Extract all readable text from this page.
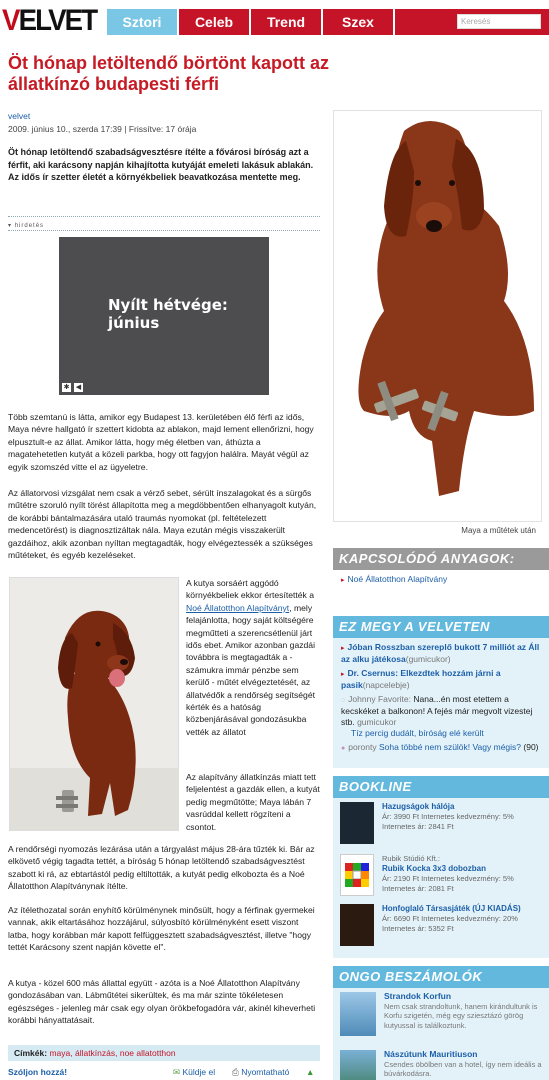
VELVET	Sztori	Celeb	Trend	Szex	Keresés
Öt hónap letöltendő börtönt kapott az állatkínzó budapesti férfi
velvet
2009. június 10., szerda 17:39 | Frissítve: 17 órája
Öt hónap letöltendő szabadságvesztésre ítélte a fővárosi bíróság azt a férfit, aki karácsony napján kihajította kutyáját emeleti lakásuk ablakán. Az idős ír szetter életét a környékbeliek beavatkozása mentette meg.
▾ hirdetés
Nyílt hétvége:
június
✱ ◀
Több szemtanú is látta, amikor egy Budapest 13. kerületében élő férfi az idős, Maya névre hallgató ír szettert kidobta az ablakon, majd lement ellenőrizni, hogy elpusztult-e az állat. Amikor látta, hogy még életben van, áthúzta a magatehetetlen kutyát a közeli parkba, hogy ott fagyjon halálra. Mayát végül az egyik szomszéd vitte el az ügyeletre.
Az állatorvosi vizsgálat nem csak a vérző sebet, sérült ínszalagokat és a sürgős műtétre szoruló nyílt törést állapította meg a megdöbbentően elhanyagolt kutyán, de korábbi bántalmazására utaló traumás nyomokat (pl. feltételezett medencetörést) is diagnosztizáltak nála. Maya ezután mégis visszakerült gazdáihoz, akik azonban nyíltan megtagadták, hogy elvégeztessék a szükséges műtéteket, és egyéb kezeléseket.
A kutya sorsáért aggódó környékbeliek ekkor értesítették a Noé Állatotthon Alapítványt, mely felajánlotta, hogy saját költségére megműtteti a szerencsétlenül járt idős ebet. Amikor azonban gazdái továbbra is megtagadták a - számukra immár pénzbe sem kerülő - műtét elvégeztetését, az állatvédők a rendőrség segítségét kérték és a hatóság közbenjárásával gondozásukba vették az állatot
Az alapítvány állatkínzás miatt tett feljelentést a gazdák ellen, a kutyát pedig megműtötte; Maya lábán 7 vasrúddal kellett rögzíteni a csontot.
A rendőrségi nyomozás lezárása után a tárgyalást május 28-ára tűzték ki. Bár az elkövető végig tagadta tettét, a bíróság 5 hónap letöltendő szabadságvesztést szabott ki rá, az ebtartástól pedig eltiltották, a kutyát pedig elkobozta és a Noé Állatotthon Alapítványnak ítélte.
Az ítélethozatal során enyhítő körülménynek minősült, hogy a férfinak gyermekei vannak, akik eltartásához hozzájárul, súlyosbító körülményként esett viszont latba, hogy korábban már kapott felfüggesztett szabadságvesztést, illetve "hogy tettét Karácsony szent napján követte el".
A kutya - közel 600 más állattal együtt - azóta is a Noé Állatotthon Alapítvány gondozásában van. Lábműtétei sikerültek, és ma már szinte tökéletesen egészséges - jelenleg már csak egy olyan örökbefogadóra vár, akinél kiheverheti korábbi hányattatásait.
Címkék: maya, állatkínzás, noe allatotthon
Szóljon hozzá!	✉ Küldje el ⎙ Nyomtatható ▲
Maya a műtétek után
KAPCSOLÓDÓ ANYAGOK:
▸ Noé Állatotthon Alapítvány
EZ MEGY A VELVETEN
▸ Jóban Rosszban szereplő bukott 7 milliót az Áll az alku játékosa(gumicukor)
▸ Dr. Csernus: Elkezdtek hozzám járni a pasik(napcelebje)
◌ Johnny Favorite: Nana...én most etettem a kecskéket a balkonon! A fejés már megvolt vizestej stb. gumicukor
Tíz percig dudált, bíróság elé került
● poronty Soha többé nem szülök! Vagy mégis? (90)
BOOKLINE
Hazugságok hálója
Ár: 3990 Ft Internetes kedvezmény: 5%
Internetes ár: 2841 Ft
Rubik Stúdió Kft.:
Rubik Kocka 3x3 dobozban
Ár: 2190 Ft Internetes kedvezmény: 5%
Internetes ár: 2081 Ft
Honfoglaló Társasjáték (ÚJ KIADÁS)
Ár: 6690 Ft Internetes kedvezmény: 20%
Internetes ár: 5352 Ft
ONGO BESZÁMOLÓK
Strandok Korfun
Nem csak strandoltunk, hanem kirándultunk is Korfu szigetén, még egy sziesztázó görög kutyussal is találkoztunk.
Nászútunk Mauritiuson
Csendes öbölben van a hotel, így nem ideális a búvárkodásra.
